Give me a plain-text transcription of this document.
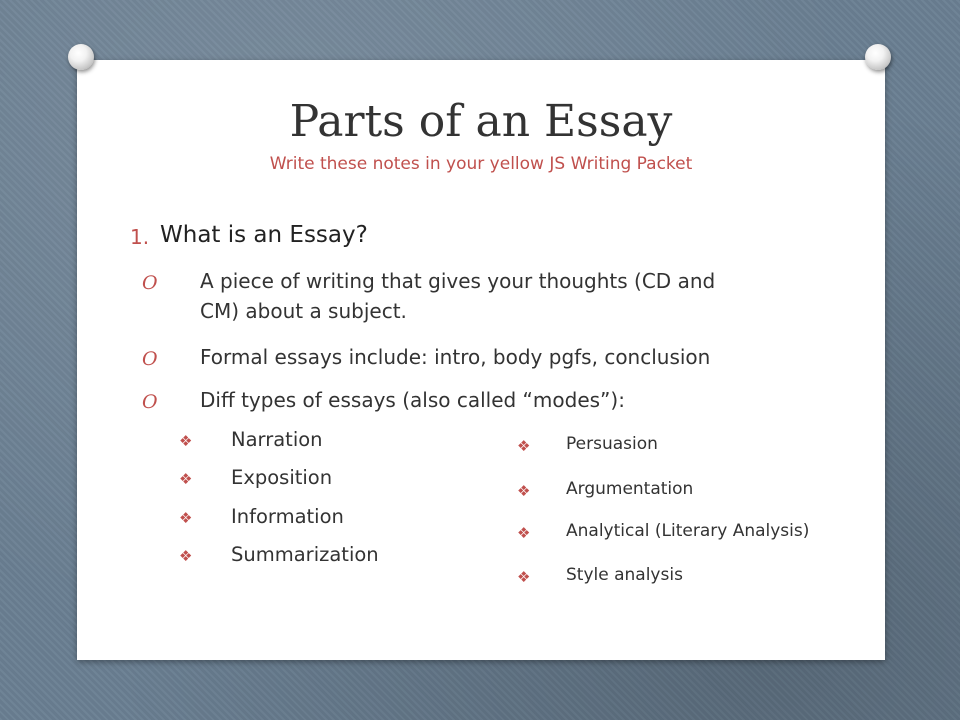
Parts of an Essay
Write these notes in your yellow JS Writing Packet
1. What is an Essay?
O A piece of writing that gives your thoughts (CD and
CM) about a subject.
O Formal essays include: intro, body pgfs, conclusion
O Diff types of essays (also called “modes”):
❖ Narration
❖ Exposition
❖ Information
❖ Summarization
❖ Persuasion
❖ Argumentation
❖ Analytical (Literary Analysis)
❖ Style analysis
